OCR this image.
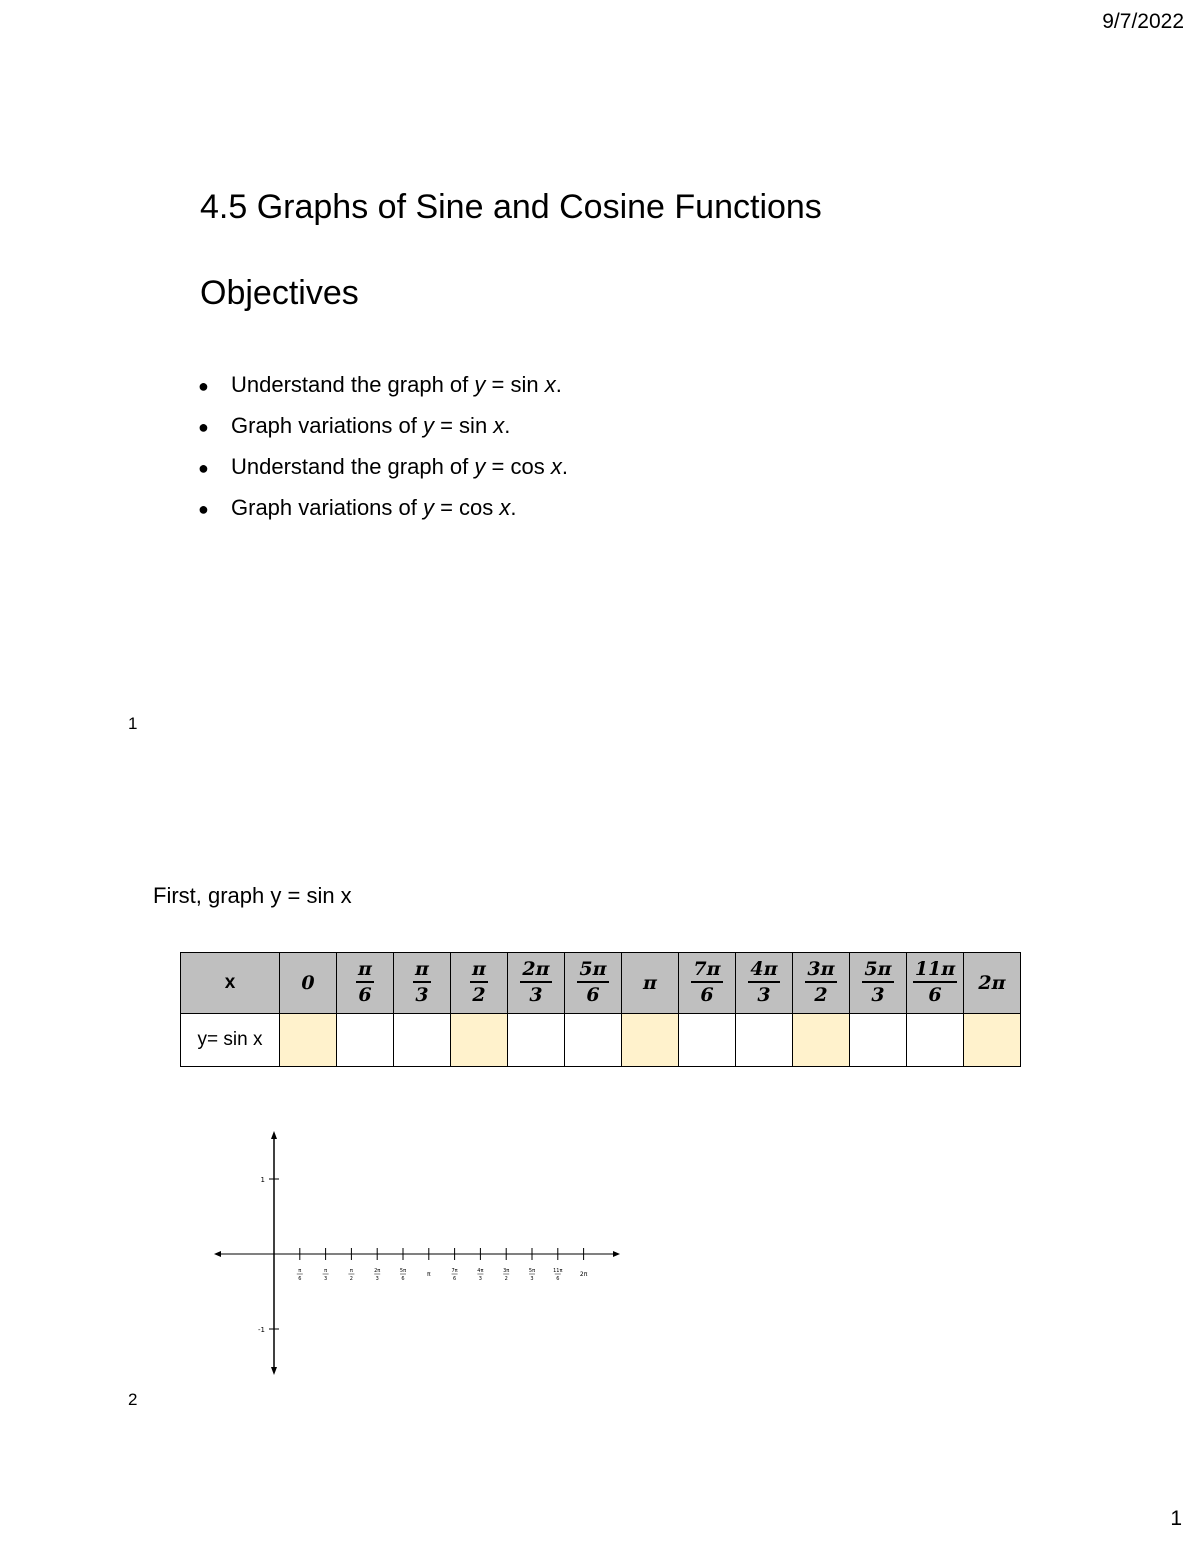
9/7/2022
4.5 Graphs of Sine and Cosine Functions
Objectives
● Understand the graph of y = sin x.
● Graph variations of y = sin x.
● Understand the graph of y = cos x.
● Graph variations of y = cos x.
1

First, graph y = sin x

x	0	$\frac{\pi}{6}$	$\frac{\pi}{3}$	$\frac{\pi}{2}$	$\frac{2\pi}{3}$	$\frac{5\pi}{6}$	π	$\frac{7\pi}{6}$	$\frac{4\pi}{3}$	$\frac{3\pi}{2}$	$\frac{5\pi}{3}$	$\frac{11\pi}{6}$	2π
y= sin x													
1
-1
π
6
π
3
π
2
2π
3
5π
6
π	7π
6
4π
3
3π
2
5π
3
11π
6
2π
2
1
